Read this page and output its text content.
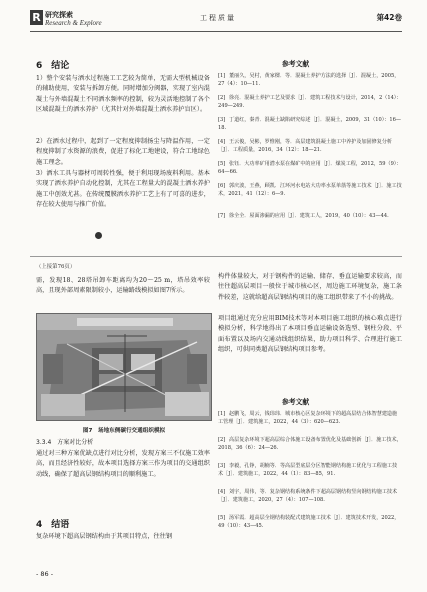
R 研究探索
Research & Explore
工程质量	第42卷
6　结论

1）整个安装与洒水过程施工工艺较为简单，无需大型机械设备的辅助使用，安装与拆卸方便。同时增加分阀器，实现了室内混凝土与外墙混凝土不同洒水频率的控制，较为灵活地控制了各个区域混凝土的洒水养护（尤其针对外墙混凝土洒水养护盲区）。

2）在洒水过程中，起到了一定程度抑制扬尘与降温作用，一定程度抑制了水资源的浪费，促进了标化工地建设，符合工地绿色施工理念。

3）洒水工具与器材可周转性强，便于利用现场废料利用。基本实现了洒水养护自动化控制，尤其在工程量大的混凝土洒水养护施工中创效尤甚。在传统覆膜洒水养护工艺上有了可喜的进步，存在较大使用与推广价值。

参考文献
[1] 董丽久，吴村，黄家樑．等．混凝土养护方法的选择［J］．混凝土，2005，27（4）：10—11.
[2] 徐亮．混凝土养护工艺及要求［J］．建筑工程技术与设计，2014，2（14）：249—249.
[3] 丁道红，秦青．混凝土缺陷研究综述［J］．混凝土，2009，31（10）：16—18.
[4] 王云俊，吴彬，罗惟刚，等．高层建筑混凝土施工中养护及加固修复分析［J］．工程质量，2016，34（12）：18—21.
[5] 张钰．大功率矿用潜水泵在煤矿中的应用［J］．煤炭工程，2012，59（9）：64—66.
[6] 郭庆波，王燕，顾凯．江环河水电站大功率水泵单筋等施工技术［J］．施工技术，2021，41（12）：6—9.
[7] 徐全全．屋面渗漏的应用［J］．建筑工人，2019，40（10）：43—44.
（上接第76页）

需，发现18、28塔吊卸车距离均为20～25 m，塔吊效率较高，且现外部周素限制较小，运输路线模拟如图7所示。

图7　场地东侧碳行交通组织模拟
3.3.4　方案对比分析

通过对三种方案优缺点进行对比分析，发现方案三不仅施工效率高，而且经济性较好，故本项目选择方案三作为项目的交通组织动线，确保了超高层钢结构项目的顺利施工。

4　结语

复杂环境下超高层钢结构由于其项目特点，往往钢

构件体量较大，对于钢构件的运输、储存、垂直运输要求较高，而往往超高层项目一般位于城市核心区，周边施工环境复杂，施工条件较差，这就给超高层钢结构项目的施工组织带来了不小的挑战。

项目组通过充分应用BIM技术等对本项目施工组织的核心难点进行模拟分析，科学地得出了本项目垂直运输设备选型、钢柱分段、平面布置以及场内交通动线组织结果，助力项目科学、合理进行施工组织，可供同类超高层钢结构项目参考。

参考文献
[1] 赵鹏飞，周云，钱玮玮．城市核心区复杂环境下的超高层结合体智慧建造施工管理［J］．建筑施工，2022，44（3）：620—623.
[2] 高层复杂环境下超高层综合体施工设备布置优化及基础创新［J］．施工技术，2018，36（6）：24—26.
[3] 李毅，孔铮，胡楠等．等高层型底层分区智能钢结构施工优化与工程施工技术［J］．建筑施工，2022，44（1）：83—85，91.
[4] 刘宇，周伟，等．复杂钢结构系统条件下超高层钢结构竖向钢结构施工技术［J］．建筑施工，2020，27（4）：107—108.
[5] 汤军霞．超高层全钢结构装配式建筑施工技术［J］．建筑技术开发，2022，49（10）：43—45.
- 86 -
